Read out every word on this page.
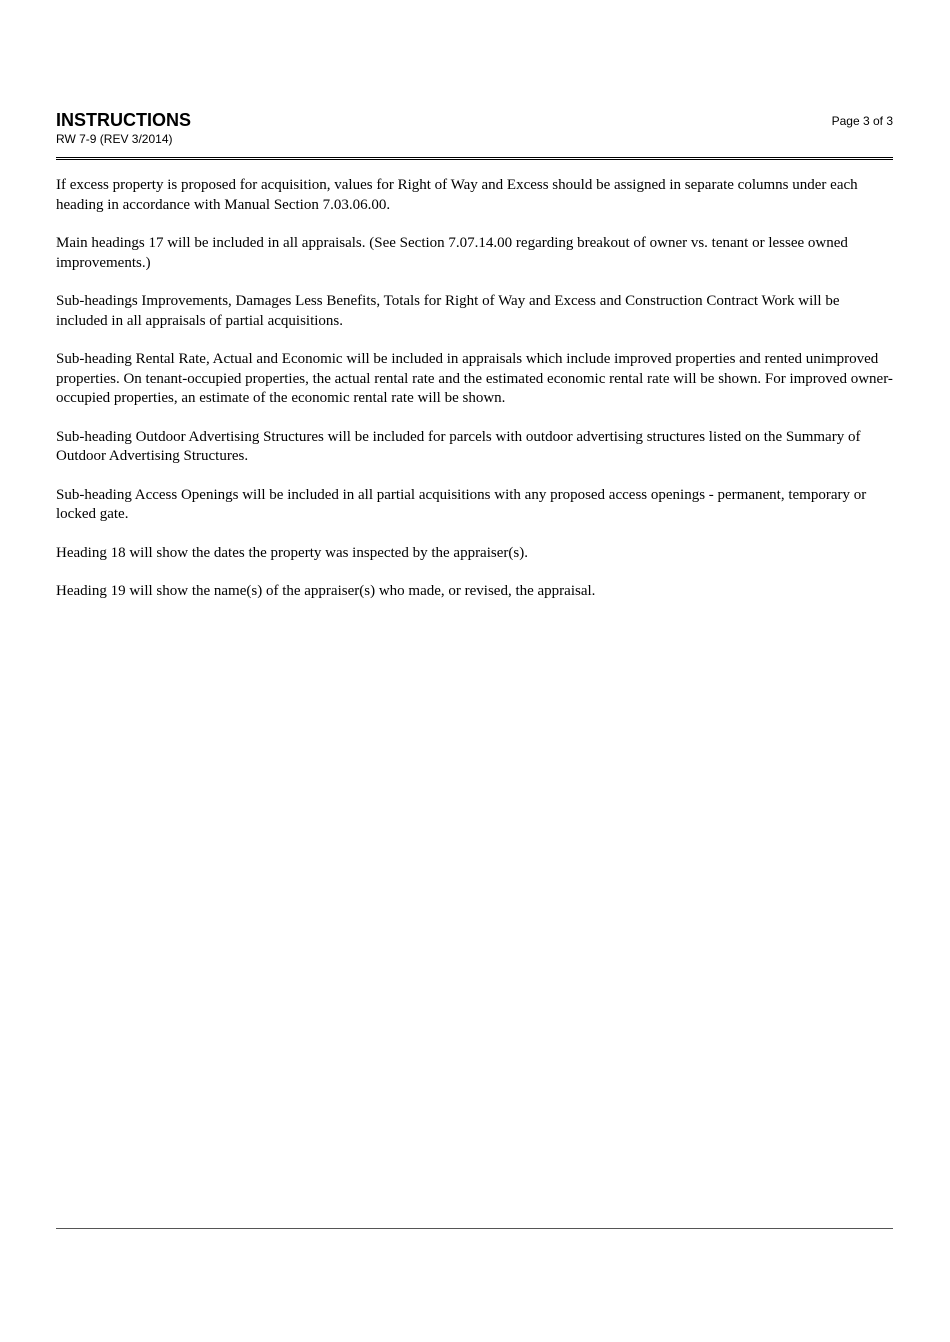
INSTRUCTIONS
RW 7-9 (REV 3/2014)
Page 3 of 3

If excess property is proposed for acquisition, values for Right of Way and Excess should be assigned in separate columns under each heading in accordance with Manual Section 7.03.06.00.

Main headings 17 will be included in all appraisals. (See Section 7.07.14.00 regarding breakout of owner vs. tenant or lessee owned improvements.)

Sub-headings Improvements, Damages Less Benefits, Totals for Right of Way and Excess and Construction Contract Work will be included in all appraisals of partial acquisitions.

Sub-heading Rental Rate, Actual and Economic will be included in appraisals which include improved properties and rented unimproved properties. On tenant-occupied properties, the actual rental rate and the estimated economic rental rate will be shown. For improved owner-occupied properties, an estimate of the economic rental rate will be shown.

Sub-heading Outdoor Advertising Structures will be included for parcels with outdoor advertising structures listed on the Summary of Outdoor Advertising Structures.

Sub-heading Access Openings will be included in all partial acquisitions with any proposed access openings - permanent, temporary or locked gate.

Heading 18 will show the dates the property was inspected by the appraiser(s).

Heading 19 will show the name(s) of the appraiser(s) who made, or revised, the appraisal.
